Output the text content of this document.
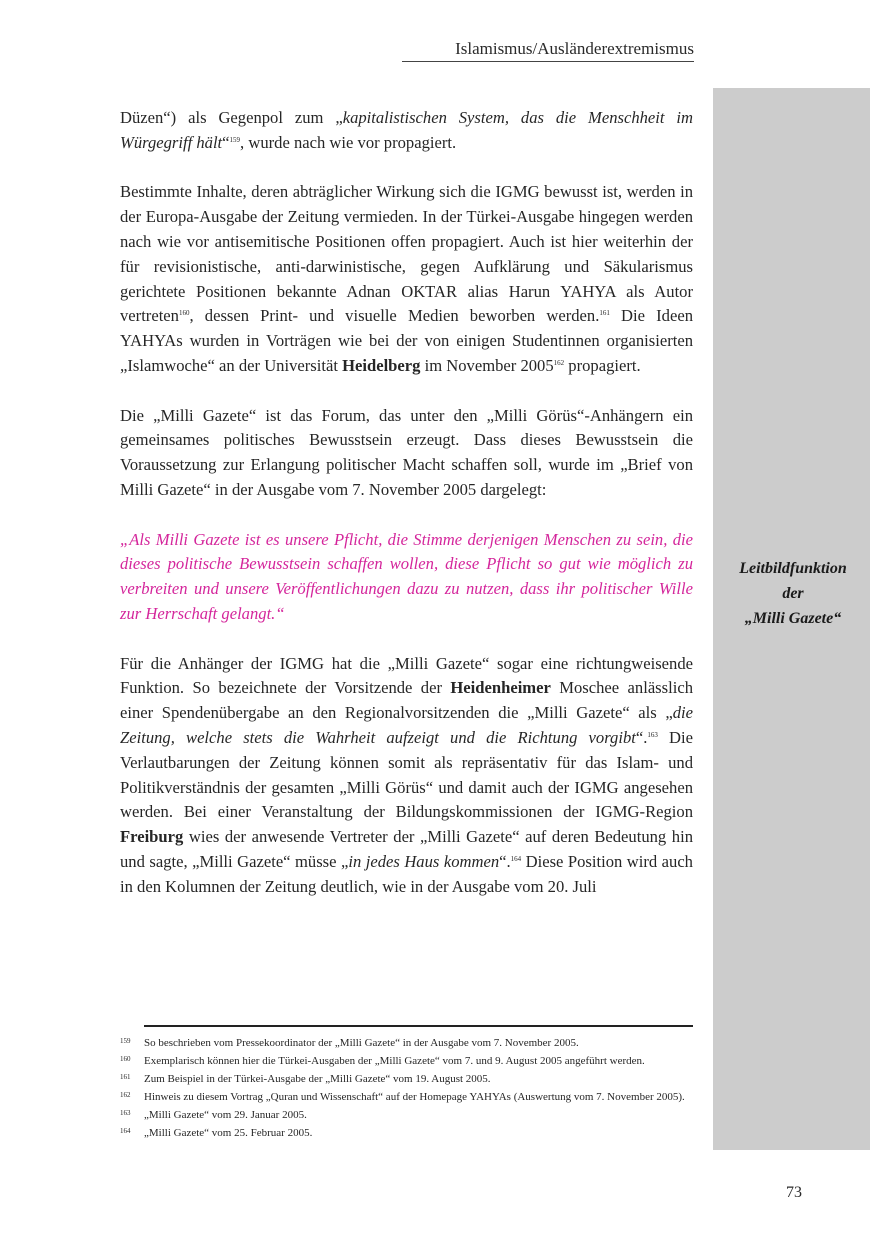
Islamismus/Ausländerextremismus
Leitbildfunktion
der
„Milli Gazete“

Düzen“) als Gegenpol zum „kapitalistischen System, das die Menschheit im Würgegriff hält“$^{159}$, wurde nach wie vor propagiert.

Bestimmte Inhalte, deren abträglicher Wirkung sich die IGMG bewusst ist, werden in der Europa-Ausgabe der Zeitung vermieden. In der Türkei-Ausgabe hingegen werden nach wie vor antisemitische Positionen offen propagiert. Auch ist hier weiterhin der für revisionistische, anti-darwinistische, gegen Aufklärung und Säkularismus gerichtete Positionen bekannte Adnan OKTAR alias Harun YAHYA als Autor vertreten$^{160}$, dessen Print- und visuelle Medien beworben werden.$^{161}$ Die Ideen YAHYAs wurden in Vorträgen wie bei der von einigen Studentinnen organisierten „Islamwoche“ an der Universität Heidelberg im November 2005$^{162}$ propagiert.

Die „Milli Gazete“ ist das Forum, das unter den „Milli Görüs“-Anhängern ein gemeinsames politisches Bewusstsein erzeugt. Dass dieses Bewusstsein die Voraussetzung zur Erlangung politischer Macht schaffen soll, wurde im „Brief von Milli Gazete“ in der Ausgabe vom 7. November 2005 dargelegt:

„Als Milli Gazete ist es unsere Pflicht, die Stimme derjenigen Menschen zu sein, die dieses politische Bewusstsein schaffen wollen, diese Pflicht so gut wie möglich zu verbreiten und unsere Veröffentlichungen dazu zu nutzen, dass ihr politischer Wille zur Herrschaft gelangt.“

Für die Anhänger der IGMG hat die „Milli Gazete“ sogar eine richtungweisende Funktion. So bezeichnete der Vorsitzende der Heidenheimer Moschee anlässlich einer Spendenübergabe an den Regionalvorsitzenden die „Milli Gazete“ als „die Zeitung, welche stets die Wahrheit aufzeigt und die Richtung vorgibt“.$^{163}$ Die Verlautbarungen der Zeitung können somit als repräsentativ für das Islam- und Politikverständnis der gesamten „Milli Görüs“ und damit auch der IGMG angesehen werden. Bei einer Veranstaltung der Bildungskommissionen der IGMG-Region Freiburg wies der anwesende Vertreter der „Milli Gazete“ auf deren Bedeutung hin und sagte, „Milli Gazete“ müsse „in jedes Haus kommen“.$^{164}$ Diese Position wird auch in den Kolumnen der Zeitung deutlich, wie in der Ausgabe vom 20. Juli

159	So beschrieben vom Pressekoordinator der „Milli Gazete“ in der Ausgabe vom 7. November 2005.
160	Exemplarisch können hier die Türkei-Ausgaben der „Milli Gazete“ vom 7. und 9. August 2005 angeführt werden.
161	Zum Beispiel in der Türkei-Ausgabe der „Milli Gazete“ vom 19. August 2005.
162	Hinweis zu diesem Vortrag „Quran und Wissenschaft“ auf der Homepage YAHYAs (Auswertung vom 7. November 2005).
163	„Milli Gazete“ vom 29. Januar 2005.
164	„Milli Gazete“ vom 25. Februar 2005.
73
